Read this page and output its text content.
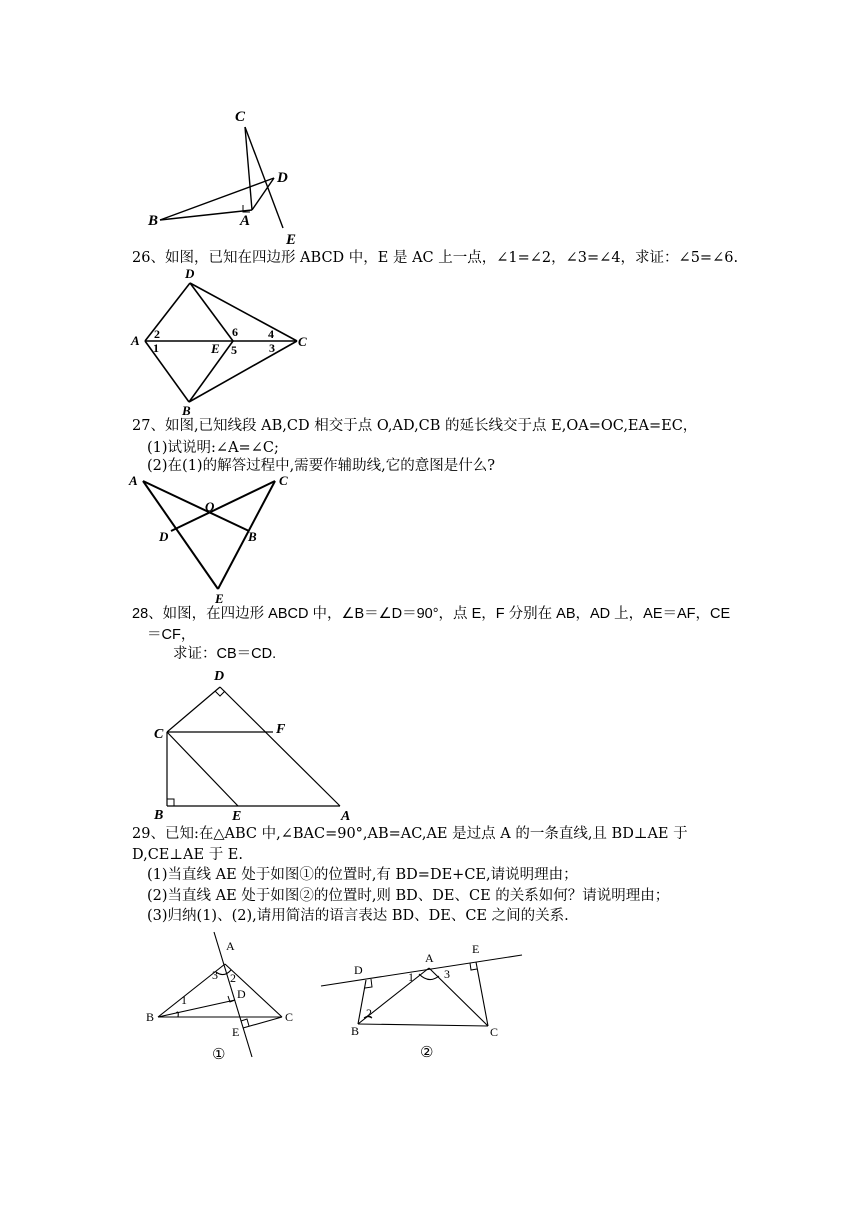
C
D
B	A
E
26、如图，已知在四边形 ABCD 中，E 是 AC 上一点，∠1=∠2，∠3=∠4，求证：∠5=∠6.
D
A 2
1	E
6
5
4
3 C
B
27、如图,已知线段 AB,CD 相交于点 O,AD,CB 的延长线交于点 E,OA=OC,EA=EC，
(1)试说明:∠A=∠C;
(2)在(1)的解答过程中,需要作辅助线,它的意图是什么?
A	C
O
D	B
E
28、如图，在四边形 ABCD 中，∠B＝∠D＝90°，点 E，F 分别在 AB，AD 上，AE＝AF，CE
＝CF，
求证：CB＝CD.
D
C	F
B	E	A
29、已知:在△ABC 中,∠BAC=90°,AB=AC,AE 是过点 A 的一条直线,且 BD⊥AE 于
D,CE⊥AE 于 E.
(1)当直线 AE 处于如图①的位置时,有 BD=DE+CE,请说明理由；
(2)当直线 AE 处于如图②的位置时,则 BD、DE、CE 的关系如何？请说明理由；
(3)归纳(1)、(2),请用简洁的语言表达 BD、DE、CE 之间的关系.
A
3 2
1	D
B	C
E
①
D
A
E
1	3
2
B	C
②
